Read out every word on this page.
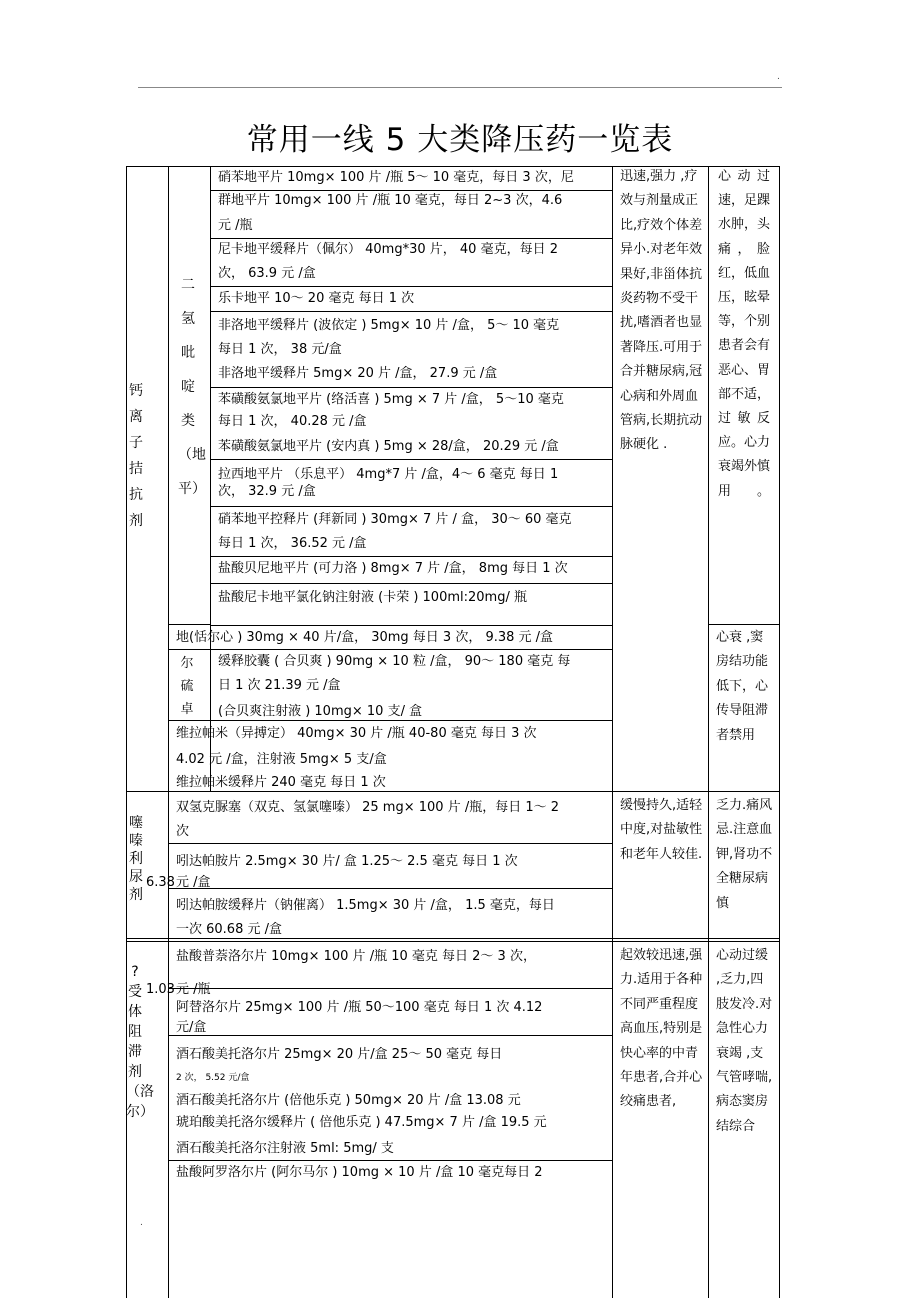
.
.
常用一线 5 大类降压药一览表
钙离子拮抗剂
二氢吡啶类（地平）
硝苯地平片 10mg× 100 片 /瓶 5～ 10 毫克，每日 3 次，尼
群地平片 10mg× 100 片 /瓶 10 毫克，每日 2~3 次，4.6
元 /瓶
尼卡地平缓释片（佩尔） 40mg*30 片， 40 毫克，每日 2
次， 63.9 元 /盒
乐卡地平 10～ 20 毫克 每日 1 次
非洛地平缓释片 (波依定 ) 5mg× 10 片 /盒， 5～ 10 毫克
每日 1 次， 38 元/盒
非洛地平缓释片 5mg× 20 片 /盒， 27.9 元 /盒
苯磺酸氨氯地平片 (络活喜 ) 5mg × 7 片 /盒， 5～10 毫克
每日 1 次， 40.28 元 /盒
苯磺酸氨氯地平片 (安内真 ) 5mg × 28/盒， 20.29 元 /盒
拉西地平片 （乐息平） 4mg*7 片 /盒，4～ 6 毫克 每日 1
次， 32.9 元 /盒
硝苯地平控释片 (拜新同 ) 30mg× 7 片 / 盒， 30～ 60 毫克
每日 1 次， 36.52 元 /盒
盐酸贝尼地平片 (可力洛 ) 8mg× 7 片 /盒， 8mg 每日 1 次
盐酸尼卡地平氯化钠注射液 (卡荣 ) 100ml:20mg/ 瓶
地(恬尔心 ) 30mg × 40 片/盒， 30mg 每日 3 次， 9.38 元 /盒
尔硫卓
缓释胶囊 ( 合贝爽 ) 90mg × 10 粒 /盒， 90～ 180 毫克 每
日 1 次 21.39 元 /盒
(合贝爽注射液 ) 10mg× 10 支/ 盒
维拉帕米（异搏定） 40mg× 30 片 /瓶 40-80 毫克 每日 3 次
4.02 元 /盒，注射液 5mg× 5 支/盒
维拉帕米缓释片 240 毫克 每日 1 次
迅速,强力 ,疗效与剂量成正比,疗效个体差异小.对老年效果好,非甾体抗炎药物不受干扰,嗜酒者也显著降压.可用于合并糖尿病,冠心病和外周血管病,长期抗动脉硬化 .
心动过速，足踝水肿，头痛，脸红，低血压，眩晕等，个别患者会有恶心、胃部不适，过敏反应。心力衰竭外慎用。
心衰 ,窦房结功能低下，心传导阻滞者禁用
噻嗪利尿剂
6.38
双氢克脲塞（双克、氢氯噻嗪） 25 mg× 100 片 /瓶，每日 1～ 2
次
吲达帕胺片 2.5mg× 30 片/ 盒 1.25～ 2.5 毫克 每日 1 次
元 /盒
吲达帕胺缓释片（钠催离） 1.5mg× 30 片 /盒， 1.5 毫克，每日
一次 60.68 元 /盒
缓慢持久,适轻中度,对盐敏性和老年人较佳.
乏力.痛风忌.注意血钾,肾功不全糖尿病慎
?受体阻滞剂（洛尔）
1.03
盐酸普萘洛尔片 10mg× 100 片 /瓶 10 毫克 每日 2～ 3 次，
元 /瓶
阿替洛尔片 25mg× 100 片 /瓶 50～100 毫克 每日 1 次 4.12
元/盒
酒石酸美托洛尔片 25mg× 20 片/盒 25～ 50 毫克 每日
2 次， 5.52 元/盒
酒石酸美托洛尔片 (倍他乐克 ) 50mg× 20 片 /盒 13.08 元
琥珀酸美托洛尔缓释片 ( 倍他乐克 ) 47.5mg× 7 片 /盒 19.5 元
酒石酸美托洛尔注射液 5ml: 5mg/ 支
盐酸阿罗洛尔片 (阿尔马尔 ) 10mg × 10 片 /盒 10 毫克每日 2
起效较迅速,强力.适用于各种不同严重程度高血压,特别是快心率的中青年患者,合并心绞痛患者,
心动过缓 ,乏力,四肢发冷.对急性心力衰竭 ,支气管哮喘,病态窦房结综合
